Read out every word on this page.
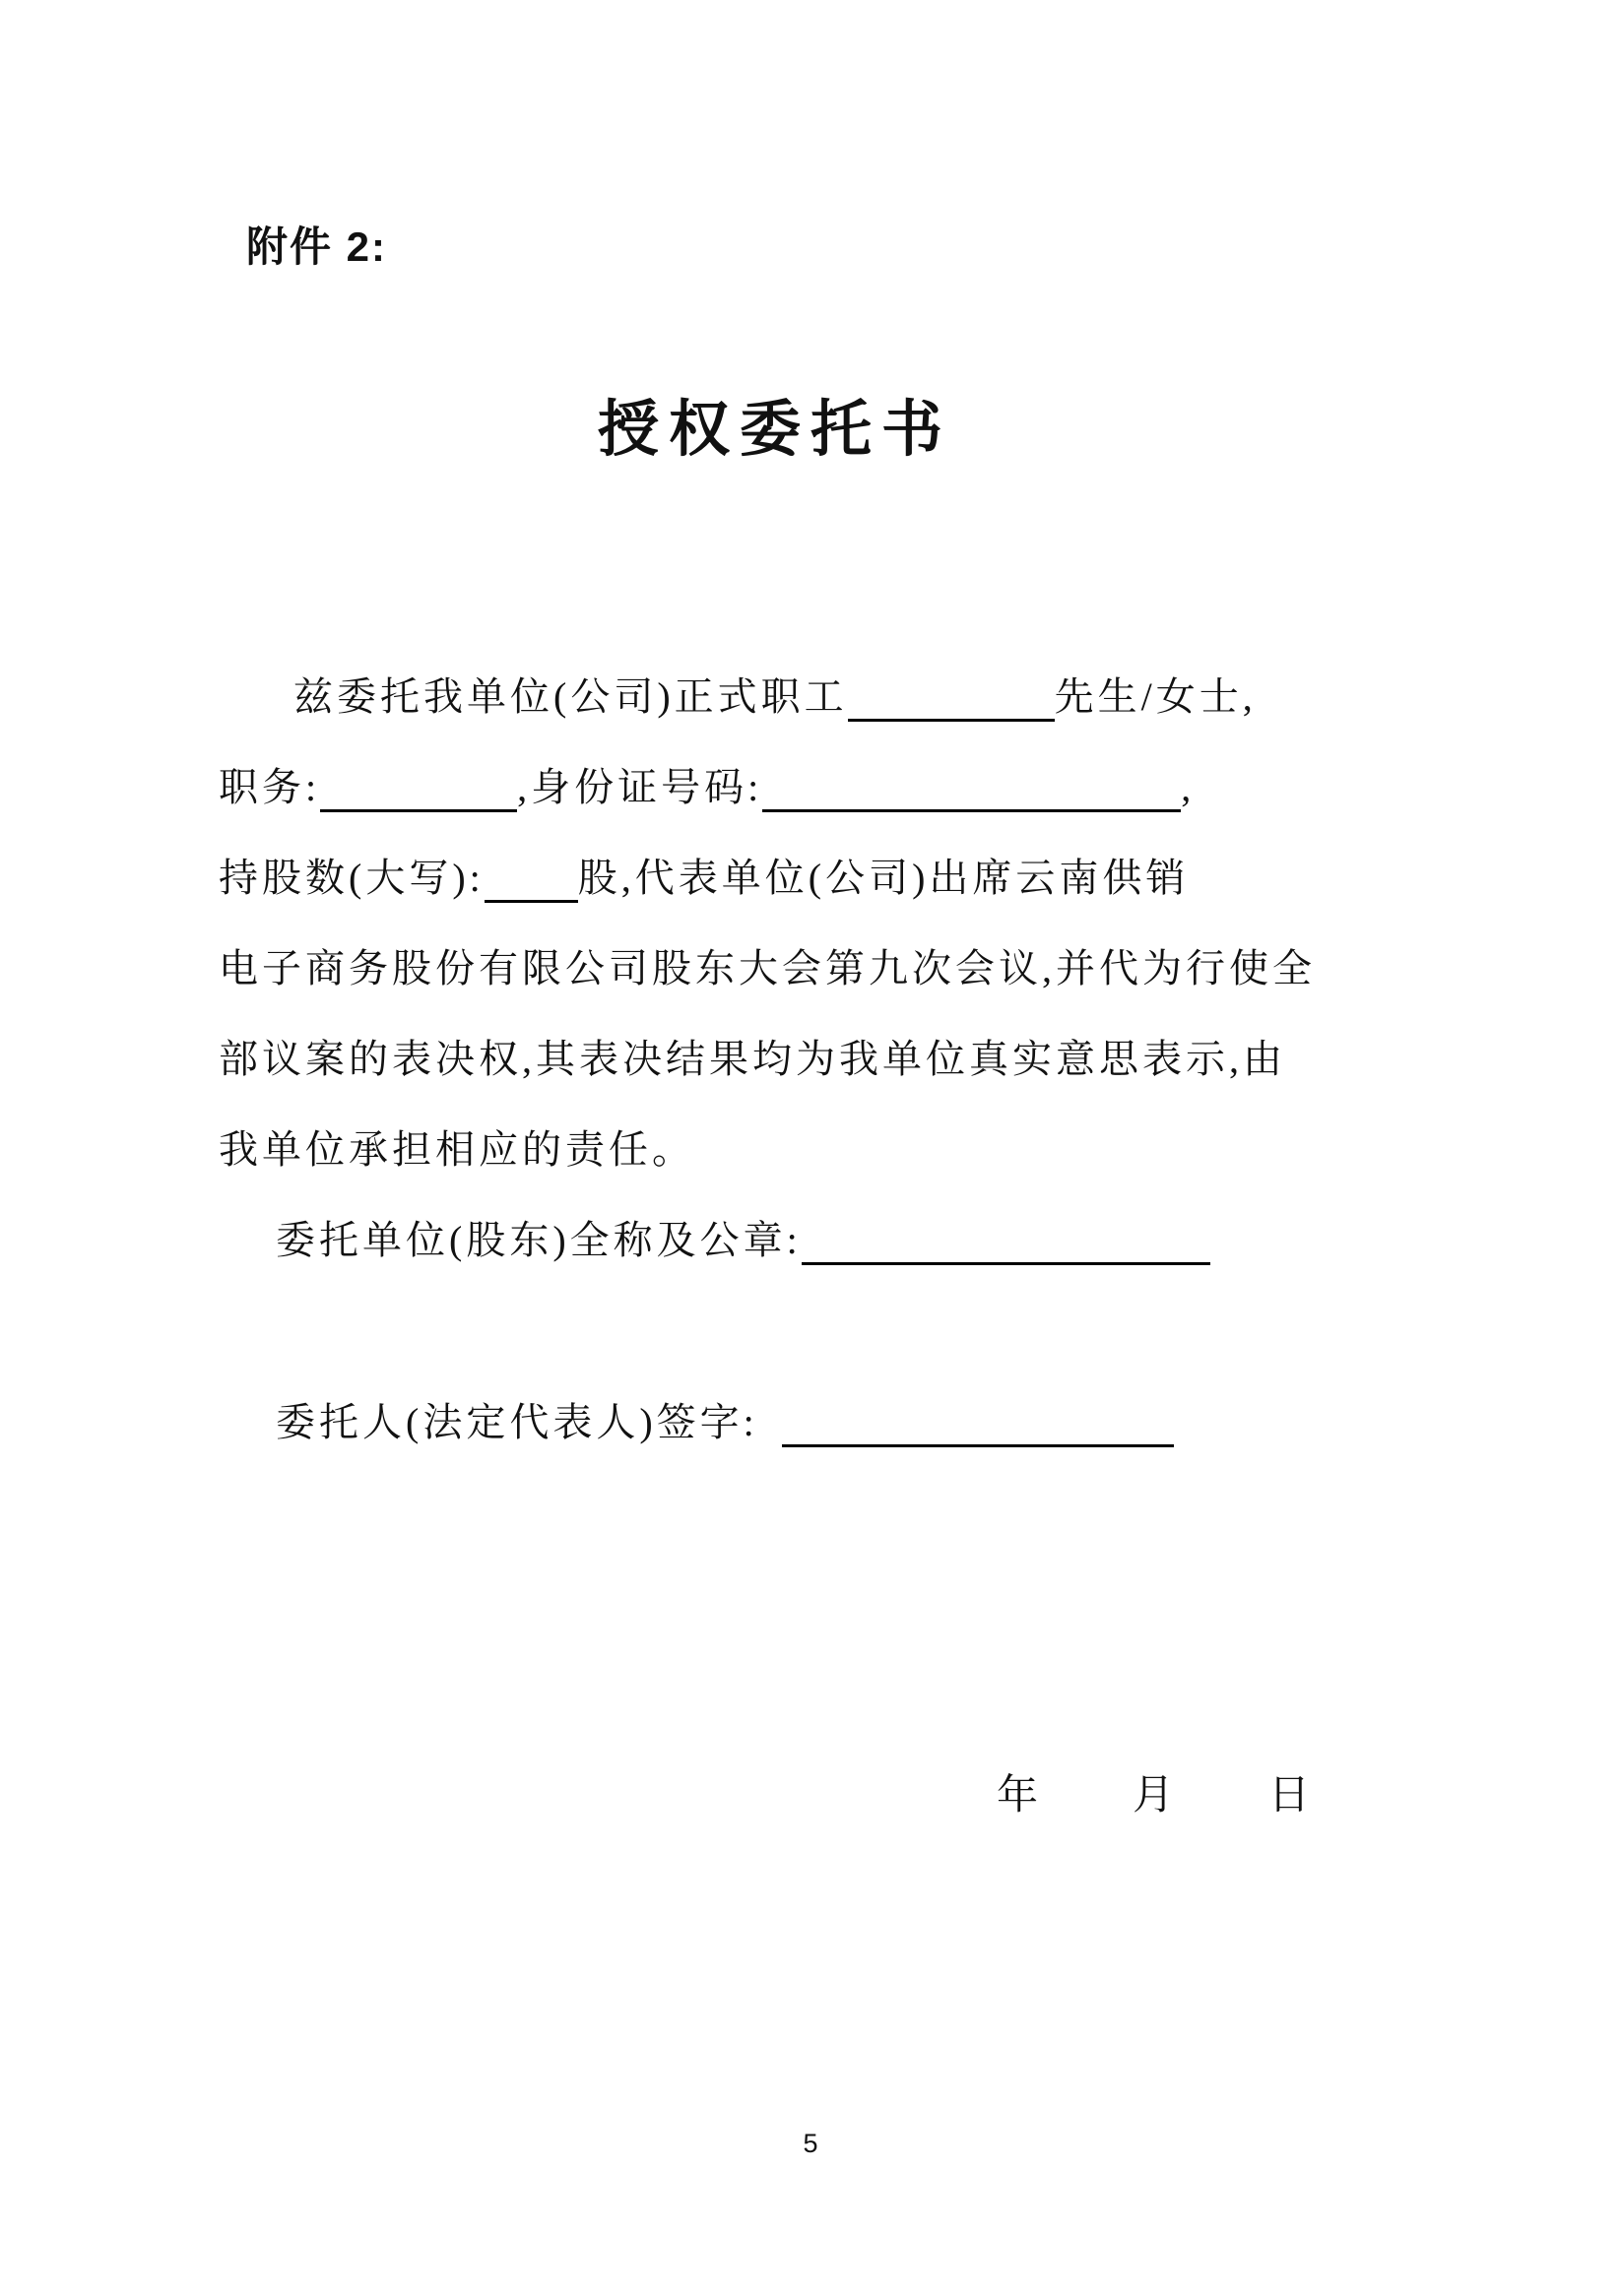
附件 2:
授权委托书
兹委托我单位(公司)正式职工	先生/女士,
职务:	,身份证号码:	,
持股数(大写): 股,代表单位(公司)出席云南供销
电子商务股份有限公司股东大会第九次会议,并代为行使全
部议案的表决权,其表决结果均为我单位真实意思表示,由
我单位承担相应的责任。
委托单位(股东)全称及公章:
委托人(法定代表人)签字:
年 月 日
5
